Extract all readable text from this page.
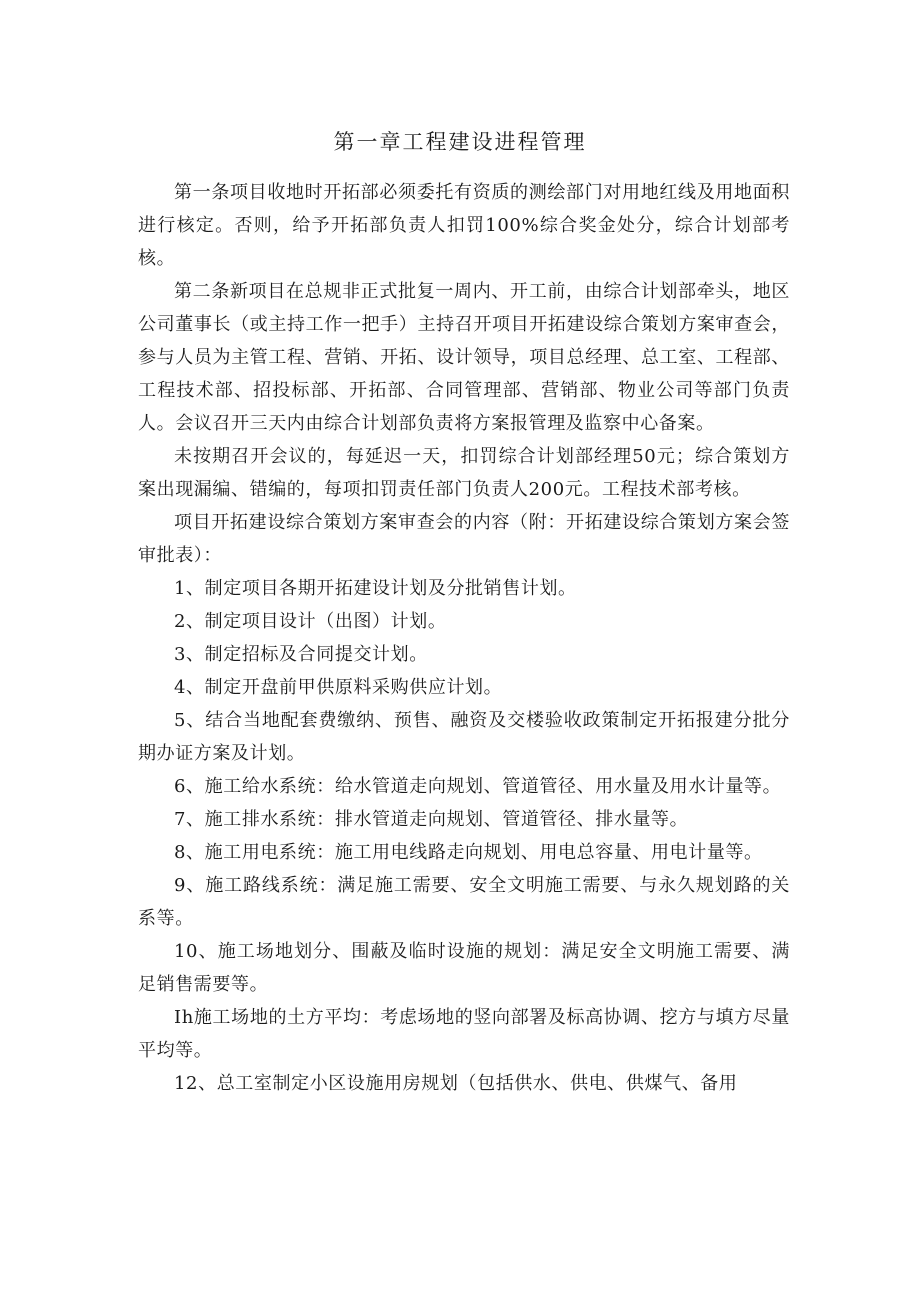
第一章工程建设进程管理

第一条项目收地时开拓部必须委托有资质的测绘部门对用地红线及用地面积进行核定。否则，给予开拓部负责人扣罚100%综合奖金处分，综合计划部考核。

第二条新项目在总规非正式批复一周内、开工前，由综合计划部牵头，地区公司董事长（或主持工作一把手）主持召开项目开拓建设综合策划方案审查会，参与人员为主管工程、营销、开拓、设计领导，项目总经理、总工室、工程部、工程技术部、招投标部、开拓部、合同管理部、营销部、物业公司等部门负责人。会议召开三天内由综合计划部负责将方案报管理及监察中心备案。

未按期召开会议的，每延迟一天，扣罚综合计划部经理50元；综合策划方案出现漏编、错编的，每项扣罚责任部门负责人200元。工程技术部考核。

项目开拓建设综合策划方案审查会的内容（附：开拓建设综合策划方案会签审批表）：

1、制定项目各期开拓建设计划及分批销售计划。

2、制定项目设计（出图）计划。

3、制定招标及合同提交计划。

4、制定开盘前甲供原料采购供应计划。

5、结合当地配套费缴纳、预售、融资及交楼验收政策制定开拓报建分批分期办证方案及计划。

6、施工给水系统：给水管道走向规划、管道管径、用水量及用水计量等。

7、施工排水系统：排水管道走向规划、管道管径、排水量等。

8、施工用电系统：施工用电线路走向规划、用电总容量、用电计量等。

9、施工路线系统：满足施工需要、安全文明施工需要、与永久规划路的关系等。

10、施工场地划分、围蔽及临时设施的规划：满足安全文明施工需要、满足销售需要等。

Ih施工场地的土方平均：考虑场地的竖向部署及标高协调、挖方与填方尽量平均等。

12、总工室制定小区设施用房规划（包括供水、供电、供煤气、备用
